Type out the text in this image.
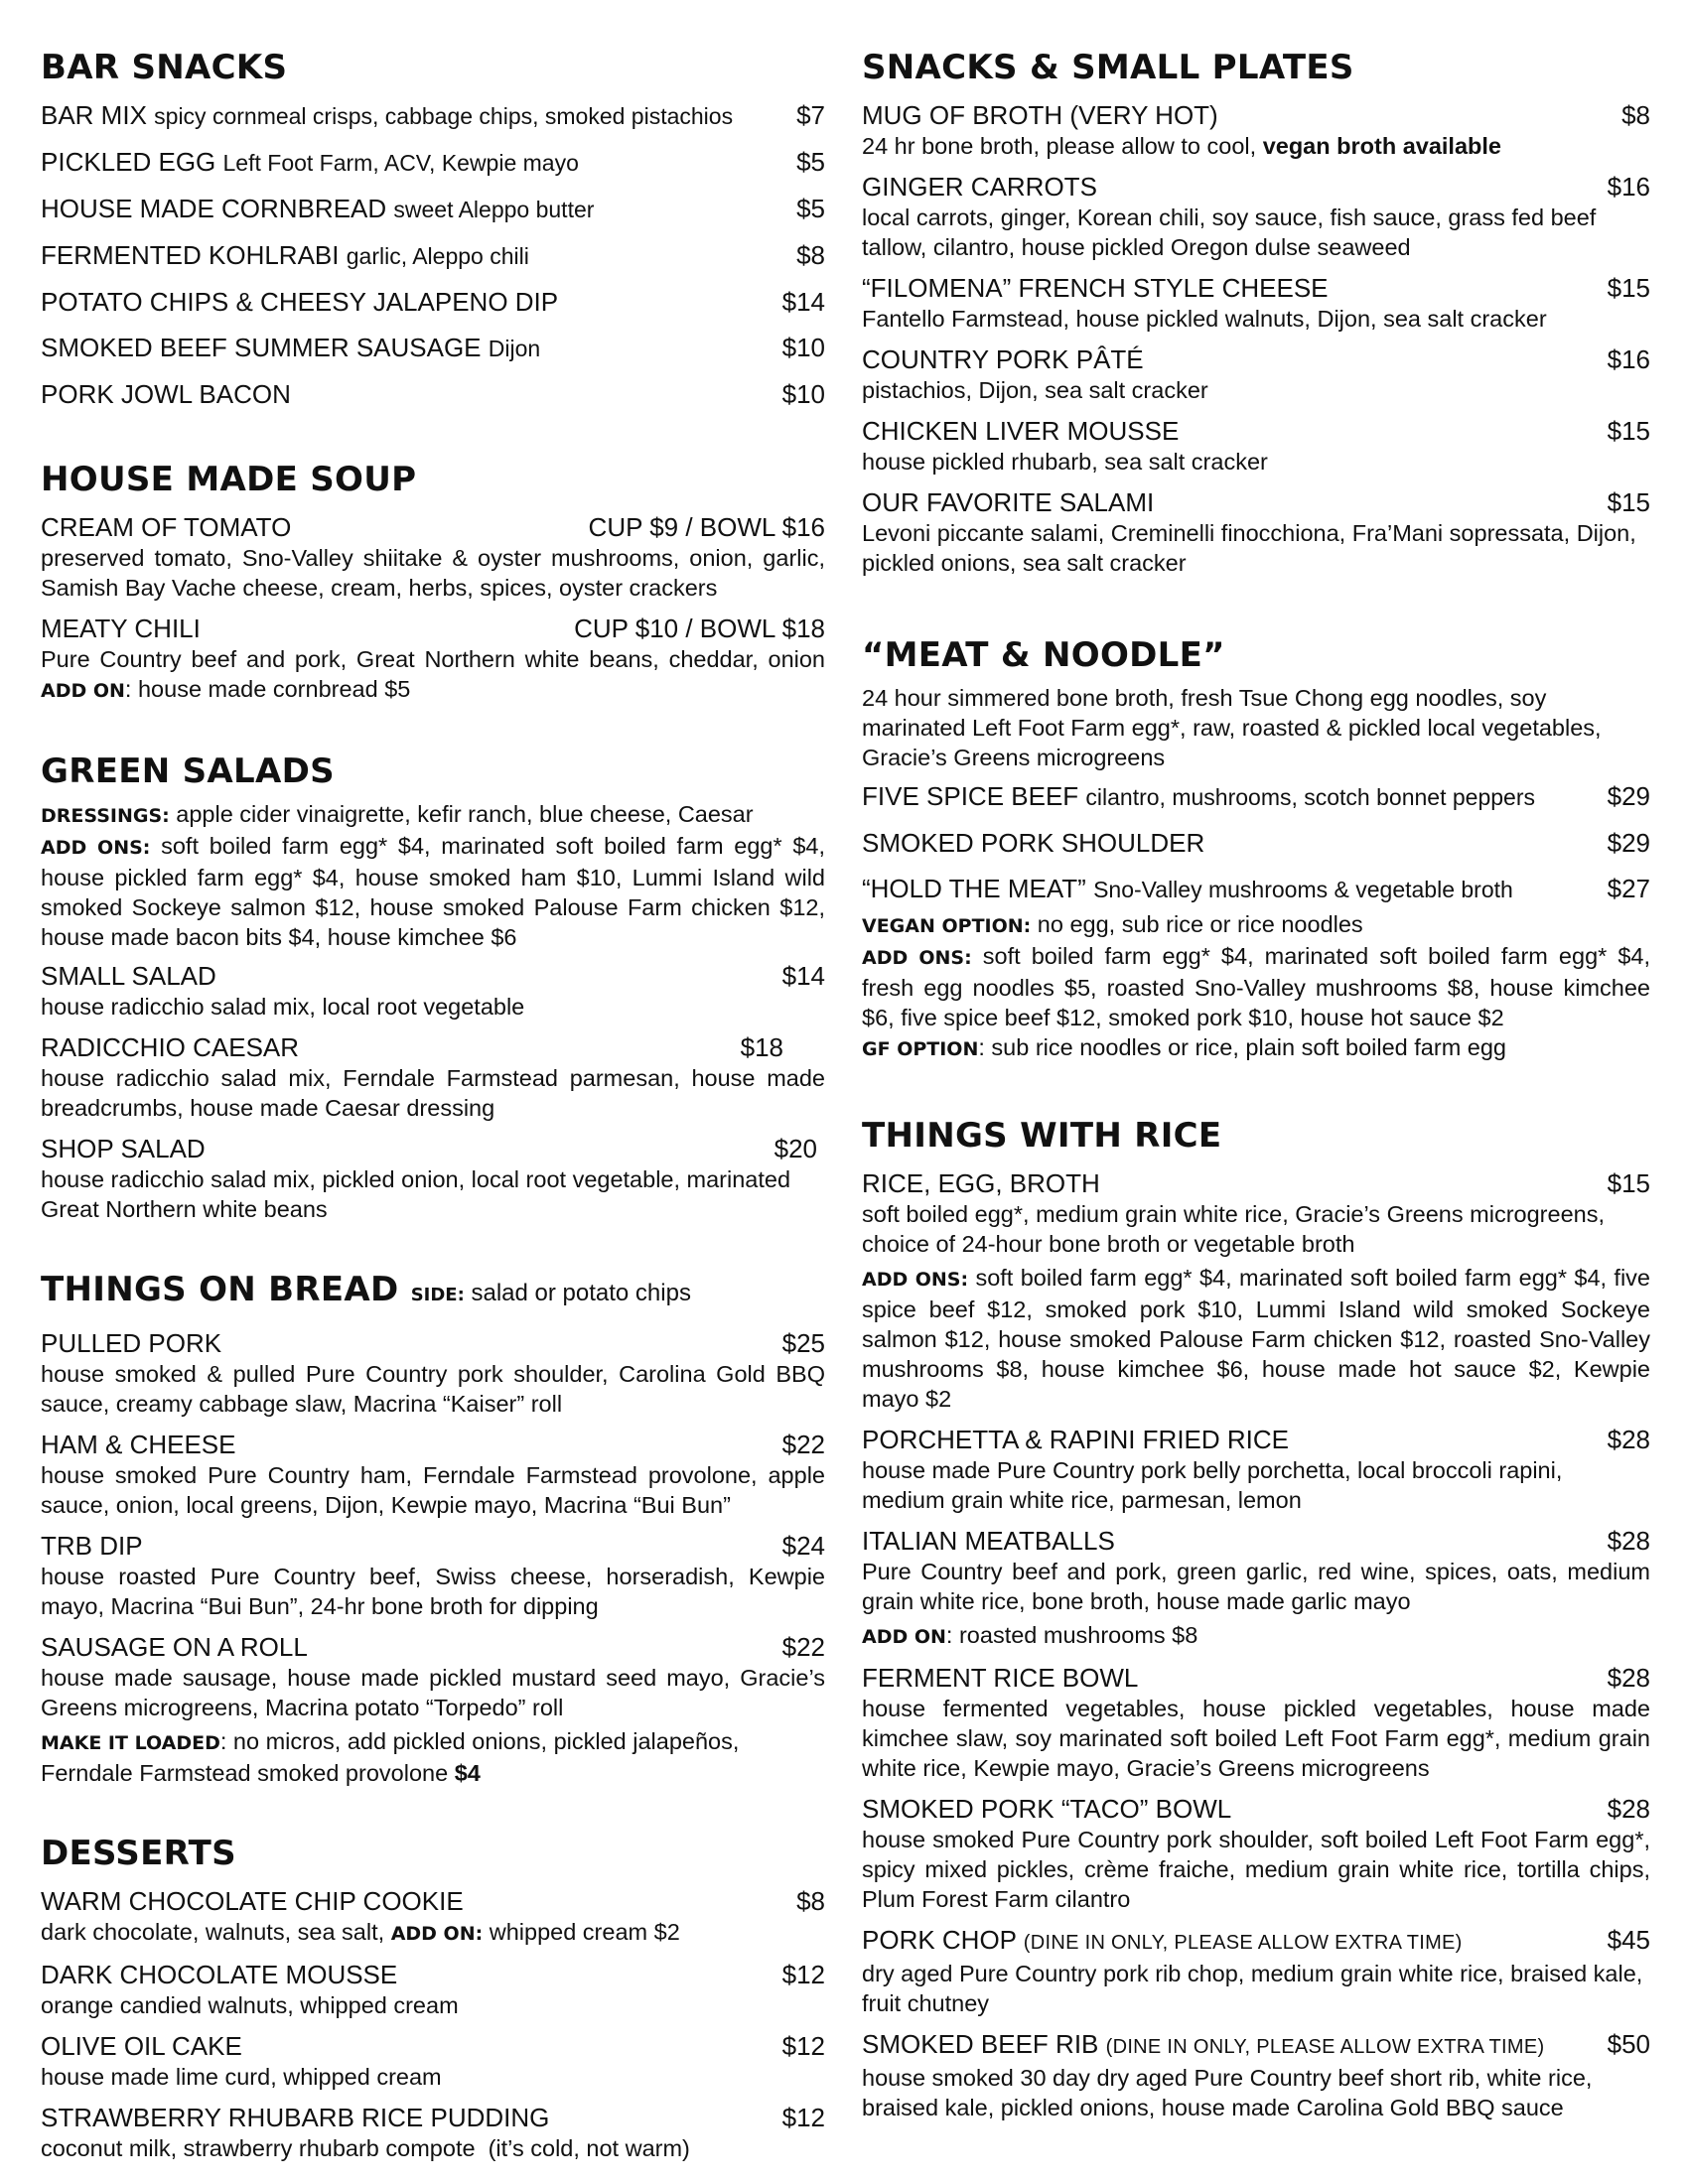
BAR SNACKS
BAR MIX spicy cornmeal crisps, cabbage chips, smoked pistachios $7
PICKLED EGG Left Foot Farm, ACV, Kewpie mayo	$5
HOUSE MADE CORNBREAD sweet Aleppo butter	$5
FERMENTED KOHLRABI garlic, Aleppo chili	$8
POTATO CHIPS & CHEESY JALAPENO DIP	$14
SMOKED BEEF SUMMER SAUSAGE Dijon	$10
PORK JOWL BACON	$10
HOUSE MADE SOUP
CREAM OF TOMATO	CUP $9 / BOWL $16
preserved tomato, Sno-Valley shiitake & oyster mushrooms, onion, garlic, Samish Bay Vache cheese, cream, herbs, spices, oyster crackers
MEATY CHILI	CUP $10 / BOWL $18
Pure Country beef and pork, Great Northern white beans, cheddar, onion ADD ON: house made cornbread $5
GREEN SALADS
DRESSINGS: apple cider vinaigrette, kefir ranch, blue cheese, Caesar
ADD ONS: soft boiled farm egg* $4, marinated soft boiled farm egg* $4, house pickled farm egg* $4, house smoked ham $10, Lummi Island wild smoked Sockeye salmon $12, house smoked Palouse Farm chicken $12, house made bacon bits $4, house kimchee $6
SMALL SALAD	$14
house radicchio salad mix, local root vegetable
RADICCHIO CAESAR	$18
house radicchio salad mix, Ferndale Farmstead parmesan, house made breadcrumbs, house made Caesar dressing
SHOP SALAD	$20
house radicchio salad mix, pickled onion, local root vegetable, marinated Great Northern white beans
THINGS ON BREAD SIDE: salad or potato chips
PULLED PORK	$25
house smoked & pulled Pure Country pork shoulder, Carolina Gold BBQ sauce, creamy cabbage slaw, Macrina “Kaiser” roll
HAM & CHEESE	$22
house smoked Pure Country ham, Ferndale Farmstead provolone, apple sauce, onion, local greens, Dijon, Kewpie mayo, Macrina “Bui Bun”
TRB DIP	$24
house roasted Pure Country beef, Swiss cheese, horseradish, Kewpie mayo, Macrina “Bui Bun”, 24-hr bone broth for dipping
SAUSAGE ON A ROLL	$22
house made sausage, house made pickled mustard seed mayo, Gracie’s Greens microgreens, Macrina potato “Torpedo” roll
MAKE IT LOADED: no micros, add pickled onions, pickled jalapeños, Ferndale Farmstead smoked provolone $4
DESSERTS
WARM CHOCOLATE CHIP COOKIE	$8
dark chocolate, walnuts, sea salt, ADD ON: whipped cream $2
DARK CHOCOLATE MOUSSE	$12
orange candied walnuts, whipped cream
OLIVE OIL CAKE	$12
house made lime curd, whipped cream
STRAWBERRY RHUBARB RICE PUDDING	$12
coconut milk, strawberry rhubarb compote  (it’s cold, not warm)
SNACKS & SMALL PLATES
MUG OF BROTH (VERY HOT)	$8
24 hr bone broth, please allow to cool, vegan broth available
GINGER CARROTS	$16
local carrots, ginger, Korean chili, soy sauce, fish sauce, grass fed beef tallow, cilantro, house pickled Oregon dulse seaweed
“FILOMENA” FRENCH STYLE CHEESE	$15
Fantello Farmstead, house pickled walnuts, Dijon, sea salt cracker
COUNTRY PORK PÂTÉ	$16
pistachios, Dijon, sea salt cracker
CHICKEN LIVER MOUSSE	$15
house pickled rhubarb, sea salt cracker
OUR FAVORITE SALAMI	$15
Levoni piccante salami, Creminelli finocchiona, Fra’Mani sopressata, Dijon, pickled onions, sea salt cracker
“MEAT & NOODLE”
24 hour simmered bone broth, fresh Tsue Chong egg noodles, soy marinated Left Foot Farm egg*, raw, roasted & pickled local vegetables, Gracie’s Greens microgreens
FIVE SPICE BEEF cilantro, mushrooms, scotch bonnet peppers	$29
SMOKED PORK SHOULDER	$29
“HOLD THE MEAT” Sno-Valley mushrooms & vegetable broth	$27
VEGAN OPTION: no egg, sub rice or rice noodles
ADD ONS: soft boiled farm egg* $4, marinated soft boiled farm egg* $4, fresh egg noodles $5, roasted Sno-Valley mushrooms $8, house kimchee $6, five spice beef $12, smoked pork $10, house hot sauce $2
GF OPTION: sub rice noodles or rice, plain soft boiled farm egg
THINGS WITH RICE
RICE, EGG, BROTH	$15
soft boiled egg*, medium grain white rice, Gracie’s Greens microgreens, choice of 24-hour bone broth or vegetable broth
ADD ONS: soft boiled farm egg* $4, marinated soft boiled farm egg* $4, five spice beef $12, smoked pork $10, Lummi Island wild smoked Sockeye salmon $12, house smoked Palouse Farm chicken $12, roasted Sno-Valley mushrooms $8, house kimchee $6, house made hot sauce $2, Kewpie mayo $2
PORCHETTA & RAPINI FRIED RICE	$28
house made Pure Country pork belly porchetta, local broccoli rapini, medium grain white rice, parmesan, lemon
ITALIAN MEATBALLS	$28
Pure Country beef and pork, green garlic, red wine, spices, oats, medium grain white rice, bone broth, house made garlic mayo
ADD ON: roasted mushrooms $8
FERMENT RICE BOWL	$28
house fermented vegetables, house pickled vegetables, house made kimchee slaw, soy marinated soft boiled Left Foot Farm egg*, medium grain white rice, Kewpie mayo, Gracie’s Greens microgreens
SMOKED PORK “TACO” BOWL	$28
house smoked Pure Country pork shoulder, soft boiled Left Foot Farm egg*, spicy mixed pickles, crème fraiche, medium grain white rice, tortilla chips, Plum Forest Farm cilantro
PORK CHOP (DINE IN ONLY, PLEASE ALLOW EXTRA TIME)	$45
dry aged Pure Country pork rib chop, medium grain white rice, braised kale, fruit chutney
SMOKED BEEF RIB (DINE IN ONLY, PLEASE ALLOW EXTRA TIME) $50
house smoked 30 day dry aged Pure Country beef short rib, white rice, braised kale, pickled onions, house made Carolina Gold BBQ sauce
